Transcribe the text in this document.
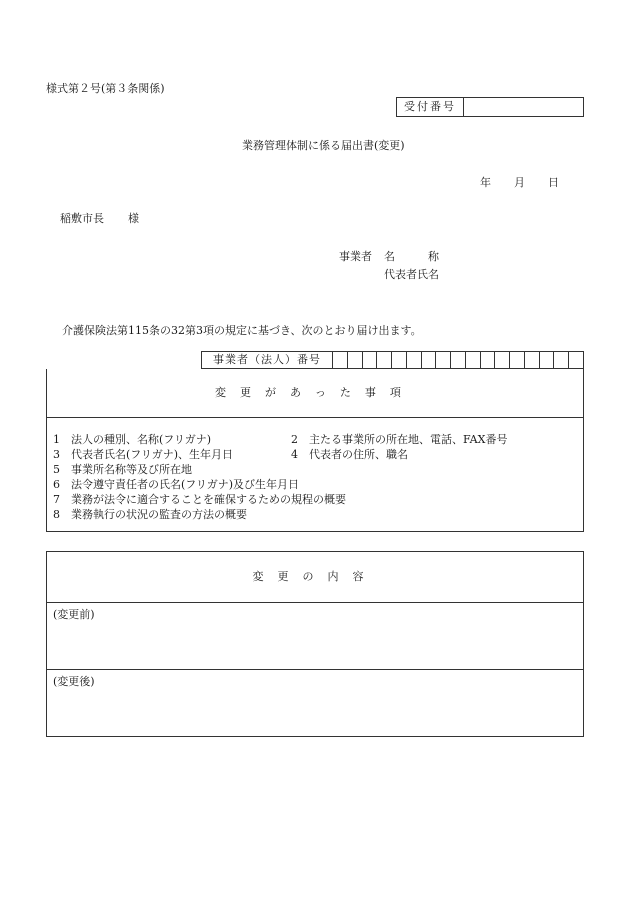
様式第２号(第３条関係)
受付番号
業務管理体制に係る届出書(変更)
年 月 日
稲敷市長 様
事業者 名　　　称
代表者氏名
介護保険法第115条の32第3項の規定に基づき、次のとおり届け出ます。
事業者（法人）番号
変更があった事項
1　法人の種別、名称(フリガナ)	2　主たる事業所の所在地、電話、FAX番号
3　代表者氏名(フリガナ)、生年月日	4　代表者の住所、職名
5　事業所名称等及び所在地
6　法令遵守責任者の氏名(フリガナ)及び生年月日
7　業務が法令に適合することを確保するための規程の概要
8　業務執行の状況の監査の方法の概要
変更の内容
(変更前)
(変更後)
